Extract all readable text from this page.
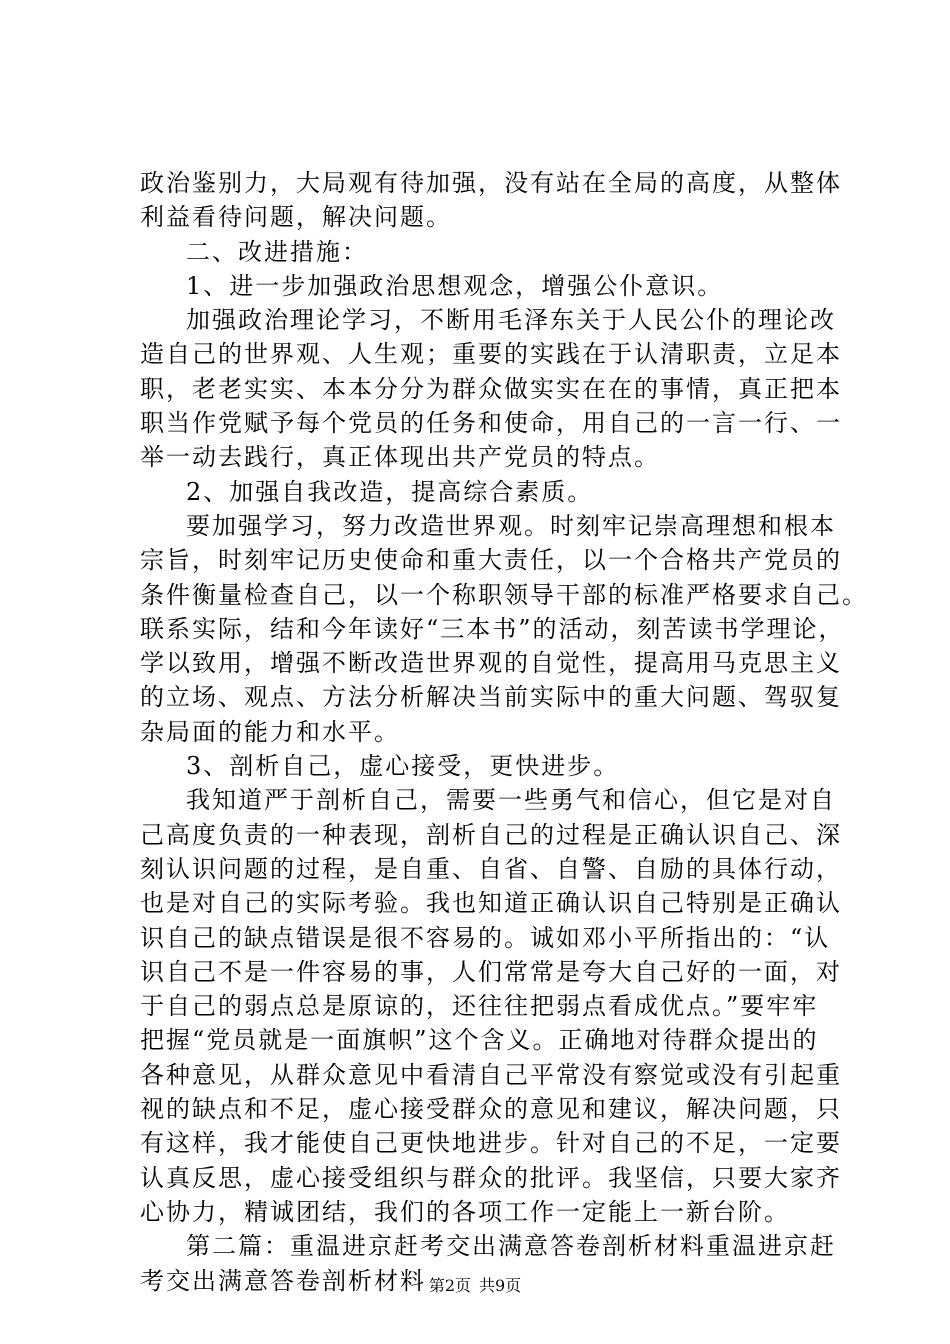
政治鉴别力，大局观有待加强，没有站在全局的高度，从整体
利益看待问题，解决问题。
二、改进措施：
1、进一步加强政治思想观念，增强公仆意识。
加强政治理论学习，不断用毛泽东关于人民公仆的理论改
造自己的世界观、人生观；重要的实践在于认清职责，立足本
职，老老实实、本本分分为群众做实实在在的事情，真正把本
职当作党赋予每个党员的任务和使命，用自己的一言一行、一
举一动去践行，真正体现出共产党员的特点。
2、加强自我改造，提高综合素质。
要加强学习，努力改造世界观。时刻牢记崇高理想和根本
宗旨，时刻牢记历史使命和重大责任，以一个合格共产党员的
条件衡量检查自己，以一个称职领导干部的标准严格要求自己。
联系实际，结和今年读好“三本书”的活动，刻苦读书学理论，
学以致用，增强不断改造世界观的自觉性，提高用马克思主义
的立场、观点、方法分析解决当前实际中的重大问题、驾驭复
杂局面的能力和水平。
3、剖析自己，虚心接受，更快进步。
我知道严于剖析自己，需要一些勇气和信心，但它是对自
己高度负责的一种表现，剖析自己的过程是正确认识自己、深
刻认识问题的过程，是自重、自省、自警、自励的具体行动，
也是对自己的实际考验。我也知道正确认识自己特别是正确认
识自己的缺点错误是很不容易的。诚如邓小平所指出的：“认
识自己不是一件容易的事，人们常常是夸大自己好的一面，对
于自己的弱点总是原谅的，还往往把弱点看成优点。”要牢牢
把握“党员就是一面旗帜”这个含义。正确地对待群众提出的
各种意见，从群众意见中看清自己平常没有察觉或没有引起重
视的缺点和不足，虚心接受群众的意见和建议，解决问题，只
有这样，我才能使自己更快地进步。针对自己的不足，一定要
认真反思，虚心接受组织与群众的批评。我坚信，只要大家齐
心协力，精诚团结，我们的各项工作一定能上一新台阶。
第二篇：重温进京赶考交出满意答卷剖析材料重温进京赶
考交出满意答卷剖析材料 第2页 共9页
